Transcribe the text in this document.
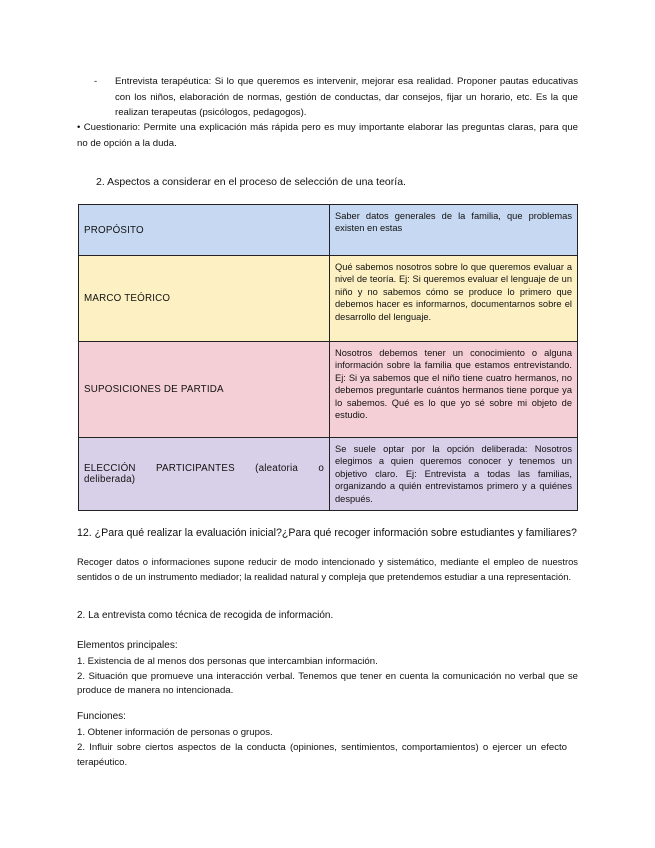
- Entrevista terapéutica: Si lo que queremos es intervenir, mejorar esa realidad. Proponer pautas educativas con los niños, elaboración de normas, gestión de conductas, dar consejos, fijar un horario, etc. Es la que realizan terapeutas (psicólogos, pedagogos).
• Cuestionario: Permite una explicación más rápida pero es muy importante elaborar las preguntas claras, para que no de opción a la duda.
2. Aspectos a considerar en el proceso de selección de una teoría.
PROPÓSITO	Saber datos generales de la familia, que problemas existen en estas
MARCO TEÓRICO	Qué sabemos nosotros sobre lo que queremos evaluar a nivel de teoría. Ej: Si queremos evaluar el lenguaje de un niño y no sabemos cómo se produce lo primero que debemos hacer es informarnos, documentarnos sobre el desarrollo del lenguaje.
SUPOSICIONES DE PARTIDA	Nosotros debemos tener un conocimiento o alguna información sobre la familia que estamos entrevistando. Ej: Si ya sabemos que el niño tiene cuatro hermanos, no debemos preguntarle cuántos hermanos tiene porque ya lo sabemos. Qué es lo que yo sé sobre mi objeto de estudio.
ELECCIÓN PARTICIPANTES (aleatoria o deliberada)	Se suele optar por la opción deliberada: Nosotros elegimos a quien queremos conocer y tenemos un objetivo claro. Ej: Entrevista a todas las familias, organizando a quién entrevistamos primero y a quiénes después.
12. ¿Para qué realizar la evaluación inicial?¿Para qué recoger información sobre estudiantes y familiares?
Recoger datos o informaciones supone reducir de modo intencionado y sistemático, mediante el empleo de nuestros sentidos o de un instrumento mediador; la realidad natural y compleja que pretendemos estudiar a una representación.
2. La entrevista como técnica de recogida de información.
Elementos principales:
1. Existencia de al menos dos personas que intercambian información.
2. Situación que promueve una interacción verbal. Tenemos que tener en cuenta la comunicación no verbal que se produce de manera no intencionada.
Funciones:
1. Obtener información de personas o grupos.
2. Influir sobre ciertos aspectos de la conducta (opiniones, sentimientos, comportamientos) o ejercer un efecto terapéutico.
